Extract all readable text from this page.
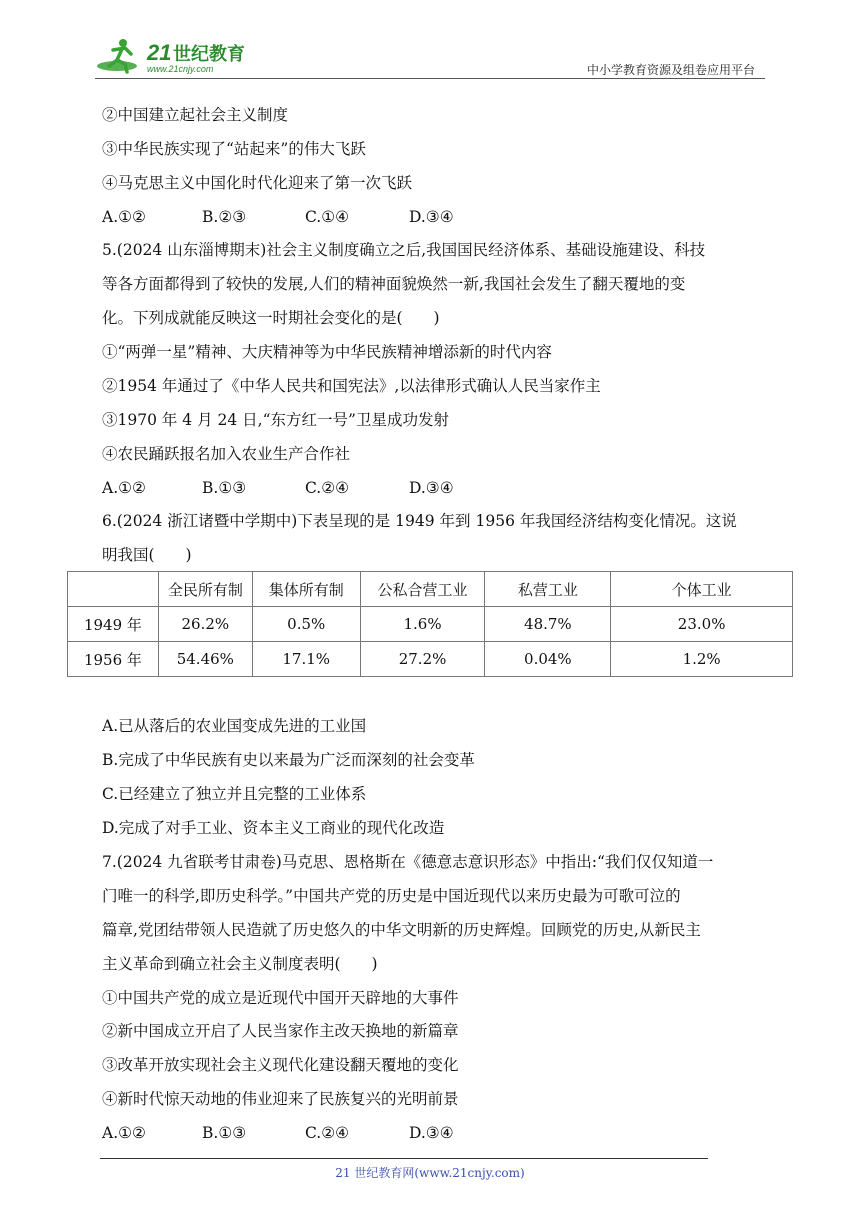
21 世纪教育
www.21cnjy.com	中小学教育资源及组卷应用平台
②中国建立起社会主义制度
③中华民族实现了“站起来”的伟大飞跃
④马克思主义中国化时代化迎来了第一次飞跃
A.①②	B.②③	C.①④	D.③④
5.(2024 山东淄博期末)社会主义制度确立之后,我国国民经济体系、基础设施建设、科技
等各方面都得到了较快的发展,人们的精神面貌焕然一新,我国社会发生了翻天覆地的变
化。下列成就能反映这一时期社会变化的是(　　)
①“两弹一星”精神、大庆精神等为中华民族精神增添新的时代内容
②1954 年通过了《中华人民共和国宪法》,以法律形式确认人民当家作主
③1970 年 4 月 24 日,“东方红一号”卫星成功发射
④农民踊跃报名加入农业生产合作社
A.①②	B.①③	C.②④	D.③④
6.(2024 浙江诸暨中学期中)下表呈现的是 1949 年到 1956 年我国经济结构变化情况。这说
明我国(　　)
	全民所有制	集体所有制	公私合营工业	私营工业	个体工业
1949 年	26.2%	0.5%	1.6%	48.7%	23.0%
1956 年	54.46%	17.1%	27.2%	0.04%	1.2%
A.已从落后的农业国变成先进的工业国
B.完成了中华民族有史以来最为广泛而深刻的社会变革
C.已经建立了独立并且完整的工业体系
D.完成了对手工业、资本主义工商业的现代化改造
7.(2024 九省联考甘肃卷)马克思、恩格斯在《德意志意识形态》中指出:“我们仅仅知道一
门唯一的科学,即历史科学。”中国共产党的历史是中国近现代以来历史最为可歌可泣的
篇章,党团结带领人民造就了历史悠久的中华文明新的历史辉煌。回顾党的历史,从新民主
主义革命到确立社会主义制度表明(　　)
①中国共产党的成立是近现代中国开天辟地的大事件
②新中国成立开启了人民当家作主改天换地的新篇章
③改革开放实现社会主义现代化建设翻天覆地的变化
④新时代惊天动地的伟业迎来了民族复兴的光明前景
A.①②	B.①③	C.②④	D.③④
21 世纪教育网(www.21cnjy.com)
